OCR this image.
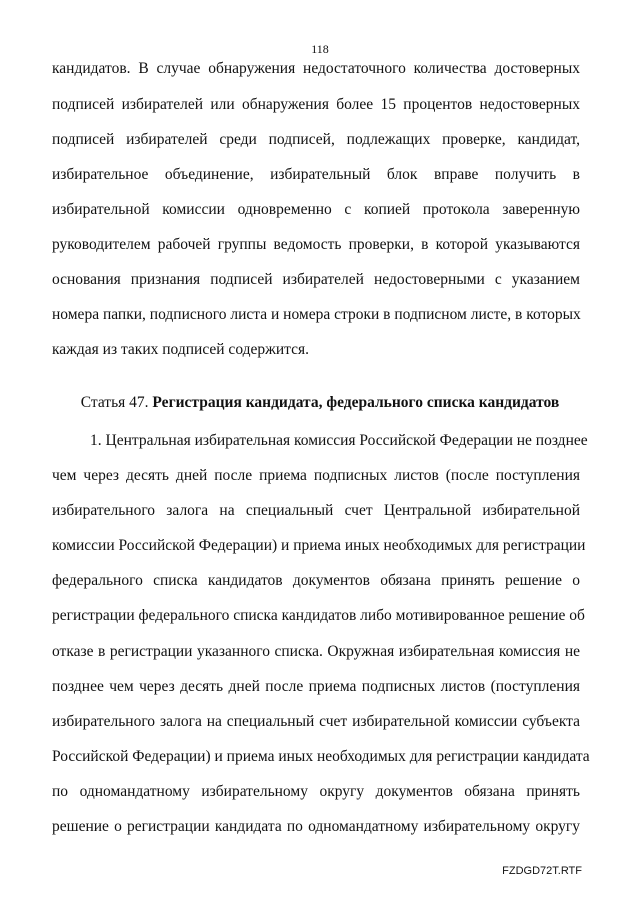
118
кандидатов. В случае обнаружения недостаточного количества достоверных
подписей избирателей или обнаружения более 15 процентов недостоверных
подписей избирателей среди подписей, подлежащих проверке, кандидат,
избирательное объединение, избирательный блок вправе получить в
избирательной комиссии одновременно с копией протокола заверенную
руководителем рабочей группы ведомость проверки, в которой указываются
основания признания подписей избирателей недостоверными с указанием
номера папки, подписного листа и номера строки в подписном листе, в которых
каждая из таких подписей содержится.
Статья 47. Регистрация кандидата, федерального списка кандидатов
1. Центральная избирательная комиссия Российской Федерации не позднее
чем через десять дней после приема подписных листов (после поступления
избирательного залога на специальный счет Центральной избирательной
комиссии Российской Федерации) и приема иных необходимых для регистрации
федерального списка кандидатов документов обязана принять решение о
регистрации федерального списка кандидатов либо мотивированное решение об
отказе в регистрации указанного списка. Окружная избирательная комиссия не
позднее чем через десять дней после приема подписных листов (поступления
избирательного залога на специальный счет избирательной комиссии субъекта
Российской Федерации) и приема иных необходимых для регистрации кандидата
по одномандатному избирательному округу документов обязана принять
решение о регистрации кандидата по одномандатному избирательному округу
FZDGD72T.RTF
